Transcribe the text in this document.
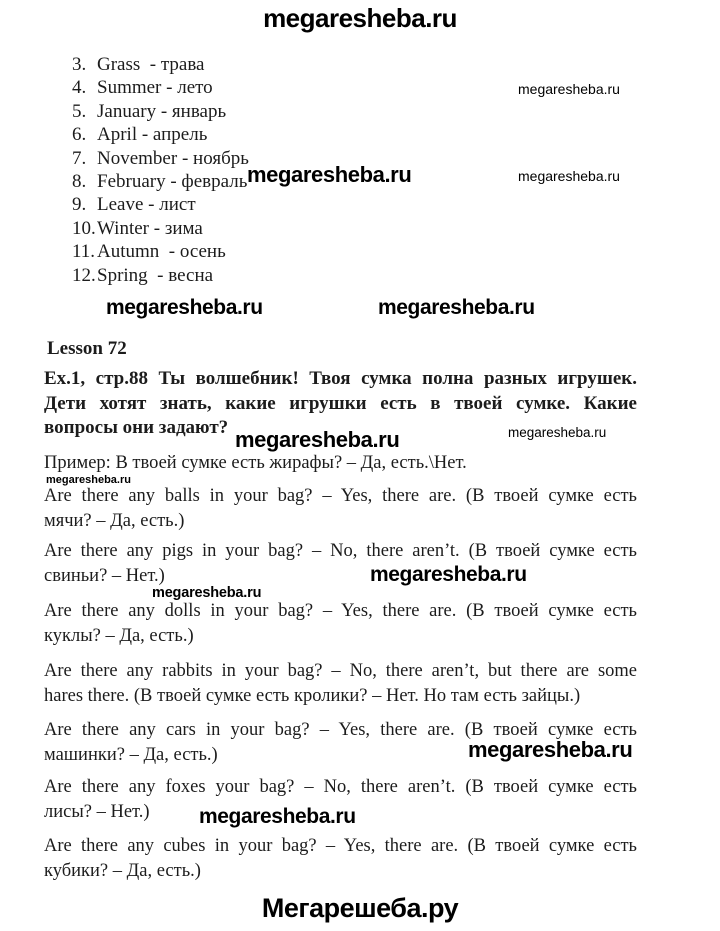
megaresheba.ru
megaresheba.ru
megaresheba.ru	megaresheba.ru
megaresheba.ru	megaresheba.ru
megaresheba.ru	megaresheba.ru
megaresheba.ru
megaresheba.ru
megaresheba.ru
megaresheba.ru
megaresheba.ru
3. Grass  - трава
4. Summer - лето
5. January - январь
6. April - апрель
7. November - ноябрь
8. February - февраль
9. Leave - лист
10.Winter - зима
11. Autumn  - осень
12.Spring  - весна
Lesson 72
Ex.1, стр.88 Ты волшебник! Твоя сумка полна разных игрушек.
Дети хотят знать, какие игрушки есть в твоей сумке. Какие
вопросы они задают?
Пример: В твоей сумке есть жирафы? – Да, есть.\Нет.
Are there any balls in your bag? – Yes, there are. (В твоей сумке есть
мячи? – Да, есть.)
Are there any pigs in your bag? – No, there aren’t. (В твоей сумке есть
свиньи? – Нет.)
Are there any dolls in your bag? – Yes, there are. (В твоей сумке есть
куклы? – Да, есть.)
Are there any rabbits in your bag? – No, there aren’t, but there are some
hares there. (В твоей сумке есть кролики? – Нет. Но там есть зайцы.)
Are there any cars in your bag? – Yes, there are. (В твоей сумке есть
машинки? – Да, есть.)
Are there any foxes your bag? – No, there aren’t. (В твоей сумке есть
лисы? – Нет.)
Are there any cubes in your bag? – Yes, there are. (В твоей сумке есть
кубики? – Да, есть.)
Мегарешеба.ру
